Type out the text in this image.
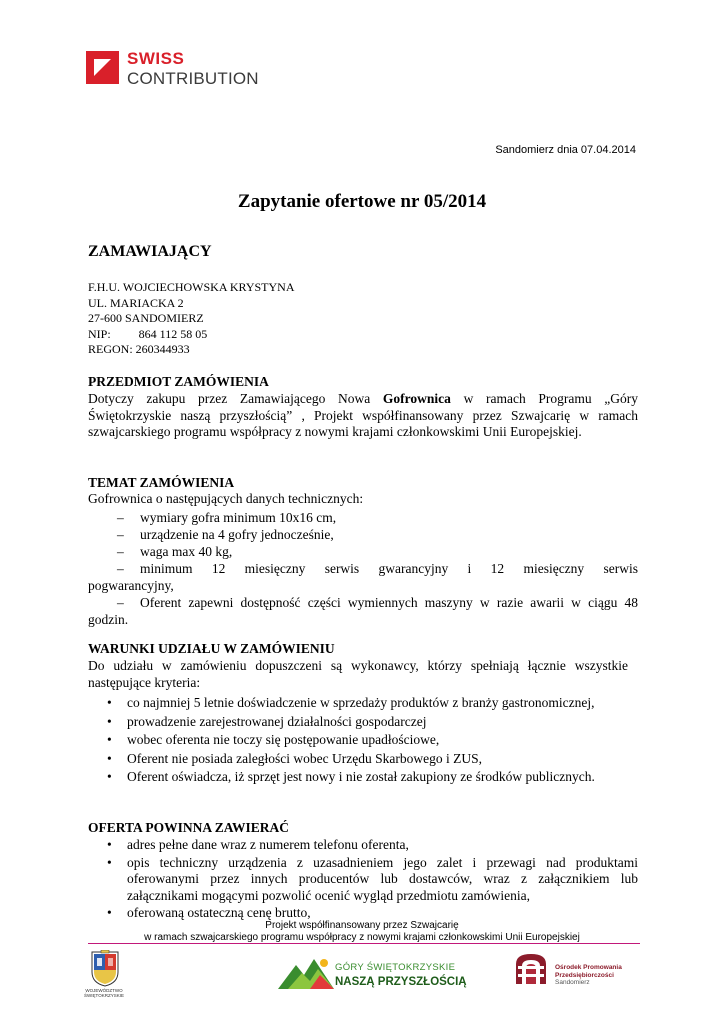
SWISS
CONTRIBUTION
Sandomierz dnia 07.04.2014
Zapytanie ofertowe nr 05/2014
ZAMAWIAJĄCY
F.H.U. WOJCIECHOWSKA KRYSTYNA
UL. MARIACKA 2
27-600 SANDOMIERZ
NIP: 864 112 58 05
REGON: 260344933
PRZEDMIOT ZAMÓWIENIA
Dotyczy zakupu przez Zamawiającego Nowa Gofrownica w ramach Programu „Góry Świętokrzyskie naszą przyszłością” , Projekt współfinansowany przez Szwajcarię w ramach szwajcarskiego programu współpracy z nowymi krajami członkowskimi Unii Europejskiej.
TEMAT ZAMÓWIENIA
Gofrownica o następujących danych technicznych:
– wymiary gofra minimum 10x16 cm,
– urządzenie na 4 gofry jednocześnie,
– waga max 40 kg,
– minimum 12 miesięczny serwis gwarancyjny i 12 miesięczny serwis
pogwarancyjny,
– Oferent zapewni dostępność części wymiennych maszyny w razie awarii w ciągu 48
godzin.
WARUNKI UDZIAŁU W ZAMÓWIENIU
Do udziału w zamówieniu dopuszczeni są wykonawcy, którzy spełniają łącznie wszystkie następujące kryteria:
• co najmniej 5 letnie doświadczenie w sprzedaży produktów z branży gastronomicznej,
• prowadzenie zarejestrowanej działalności gospodarczej
• wobec oferenta nie toczy się postępowanie upadłościowe,
• Oferent nie posiada zaległości wobec Urzędu Skarbowego i ZUS,
• Oferent oświadcza, iż sprzęt jest nowy i nie został zakupiony ze środków publicznych.
OFERTA POWINNA ZAWIERAĆ
• adres pełne dane wraz z numerem telefonu oferenta,
• opis techniczny urządzenia z uzasadnieniem jego zalet i przewagi nad produktami oferowanymi przez innych producentów lub dostawców, wraz z załącznikiem lub załącznikami mogącymi pozwolić ocenić wygląd przedmiotu zamówienia,
• oferowaną ostateczną cenę brutto,
Projekt współfinansowany przez Szwajcarię
w ramach szwajcarskiego programu współpracy z nowymi krajami członkowskimi Unii Europejskiej
WOJEWÓDZTWO
ŚWIĘTOKRZYSKIE
GÓRY ŚWIĘTOKRZYSKIE
NASZĄ PRZYSZŁOŚCIĄ
Ośrodek Promowania
Przedsiębiorczości
Sandomierz
